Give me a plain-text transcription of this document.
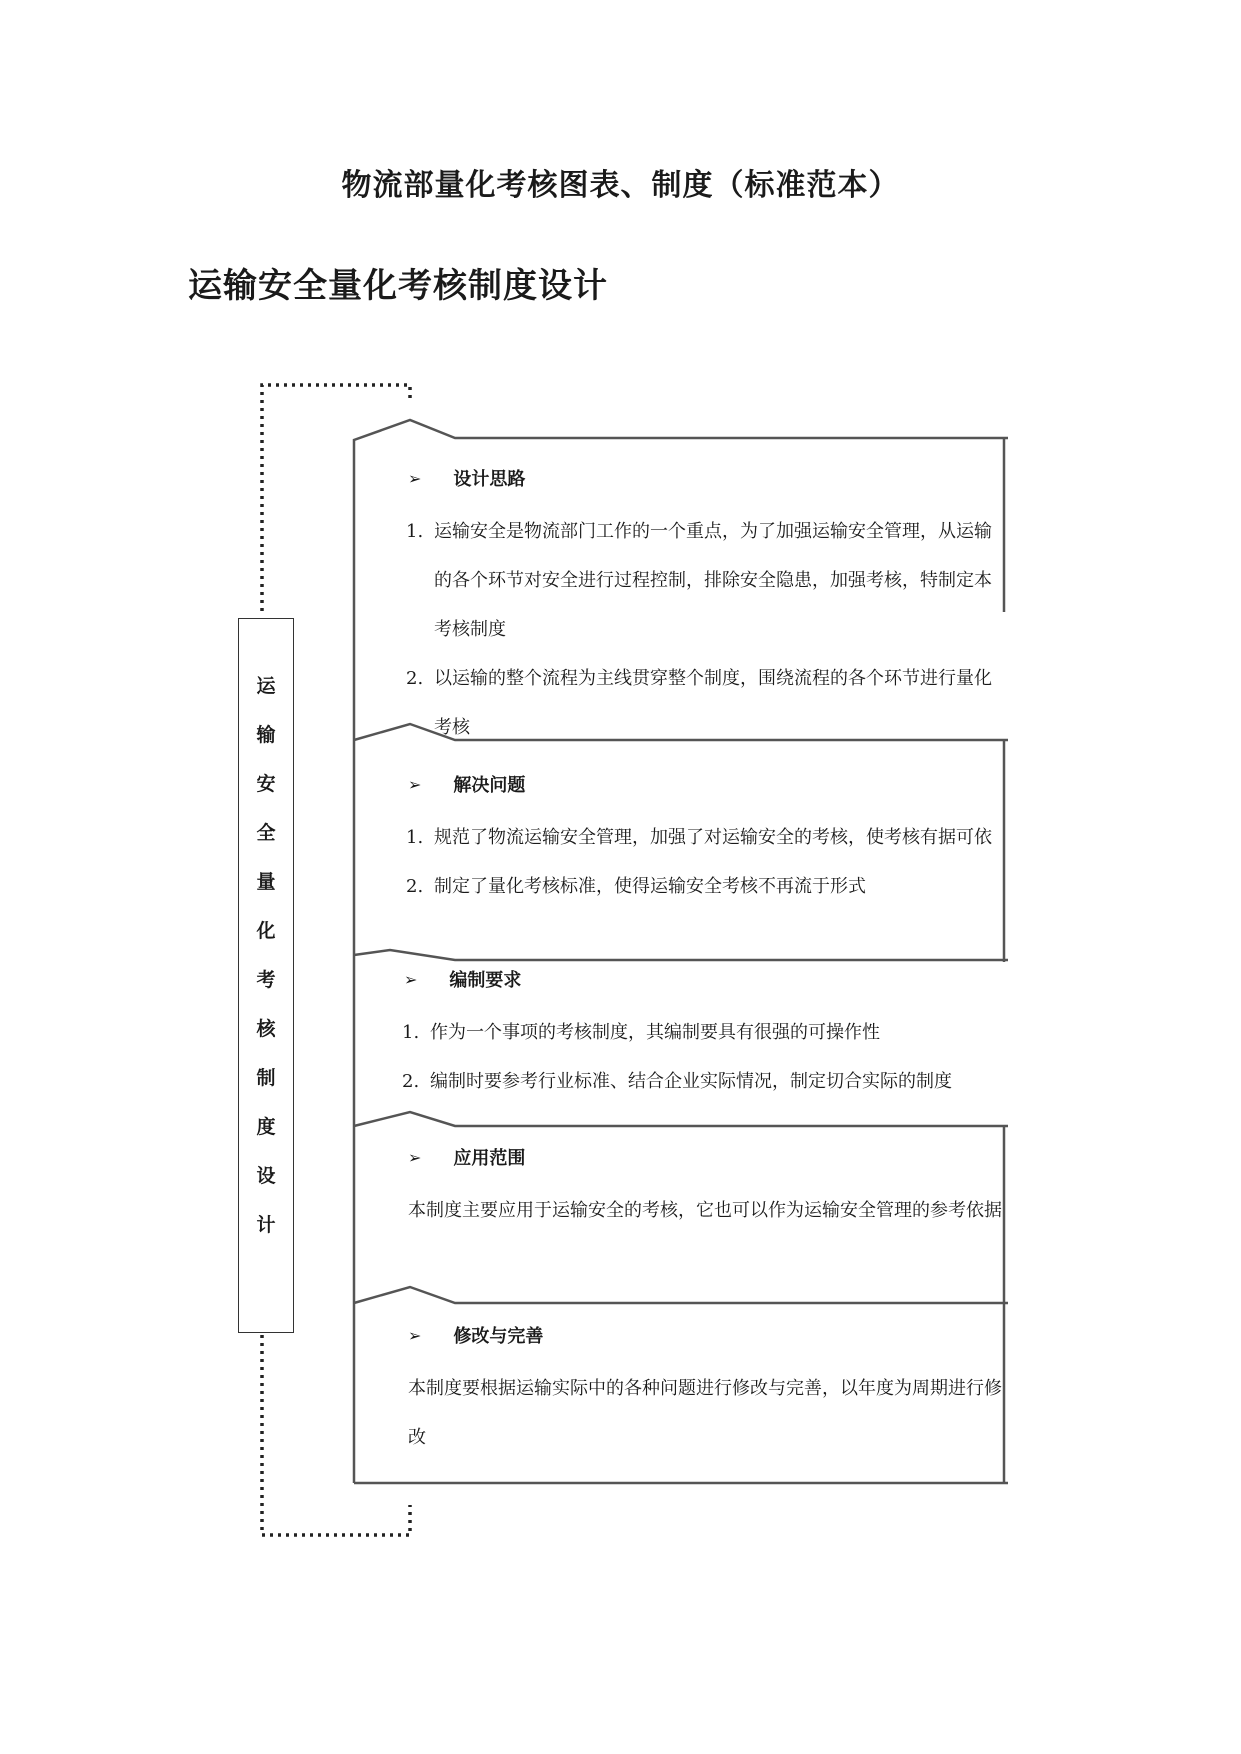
物流部量化考核图表、制度（标准范本）
运输安全量化考核制度设计
运
输
安
全
量
化
考
核
制
度
设
计
➢ 设计思路
1. 运输安全是物流部门工作的一个重点，为了加强运输安全管理，从运输的各个环节对安全进行过程控制，排除安全隐患，加强考核，特制定本考核制度
2. 以运输的整个流程为主线贯穿整个制度，围绕流程的各个环节进行量化考核
➢ 解决问题
1. 规范了物流运输安全管理，加强了对运输安全的考核，使考核有据可依
2. 制定了量化考核标准，使得运输安全考核不再流于形式
➢ 编制要求
1. 作为一个事项的考核制度，其编制要具有很强的可操作性
2. 编制时要参考行业标准、结合企业实际情况，制定切合实际的制度
➢ 应用范围
本制度主要应用于运输安全的考核，它也可以作为运输安全管理的参考依据
➢ 修改与完善
本制度要根据运输实际中的各种问题进行修改与完善，以年度为周期进行修改
